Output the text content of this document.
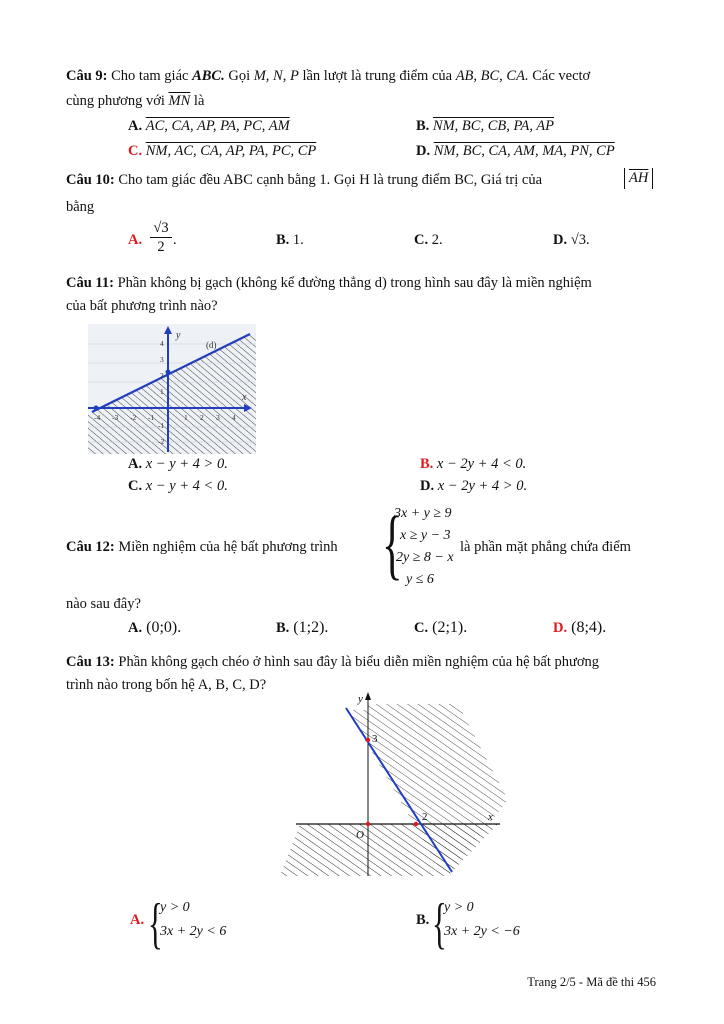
Câu 9: Cho tam giác ABC. Gọi M, N, P lần lượt là trung điểm của AB, BC, CA. Các vectơ
cùng phương với $\overline{MN}$ là
A. AC, CA, AP, PA, PC, AM	B. NM, BC, CB, PA, AP
C. NM, AC, CA, AP, PA, PC, CP	D. NM, BC, CA, AM, MA, PN, CP
Câu 10: Cho tam giác đều ABC cạnh bằng 1. Gọi H là trung điểm BC, Giá trị của	$\overline{AH}$
bằng
A. $\frac{√3}{2}$ .	B. 1.	C. 2.	D. √3.
Câu 11: Phần không bị gạch (không kể đường thẳng d) trong hình sau đây là miền nghiệm
của bất phương trình nào?
y
x
(d)
4
3
2
1
-1
-2
-4 -3 -2 -1	1 2 3 4
A. x − y + 4 > 0.	B. x − 2y + 4 < 0.
C. x − y + 4 < 0.	D. x − 2y + 4 > 0.
Câu 12: Miền nghiệm của hệ bất phương trình {
3x + y ≥ 9
x ≥ y − 3
2y ≥ 8 − x
y ≤ 6
là phần mặt phẳng chứa điểm
nào sau đây?
A. (0;0).	B. (1;2).	C. (2;1).	D. (8;4).
Câu 13: Phần không gạch chéo ở hình sau đây là biểu diễn miền nghiệm của hệ bất phương
trình nào trong bốn hệ A, B, C, D?
y
x
O
3
2
A. {
y > 0
3x + 2y < 6
B. {
y > 0
3x + 2y < −6
Trang 2/5 - Mã đề thi 456
